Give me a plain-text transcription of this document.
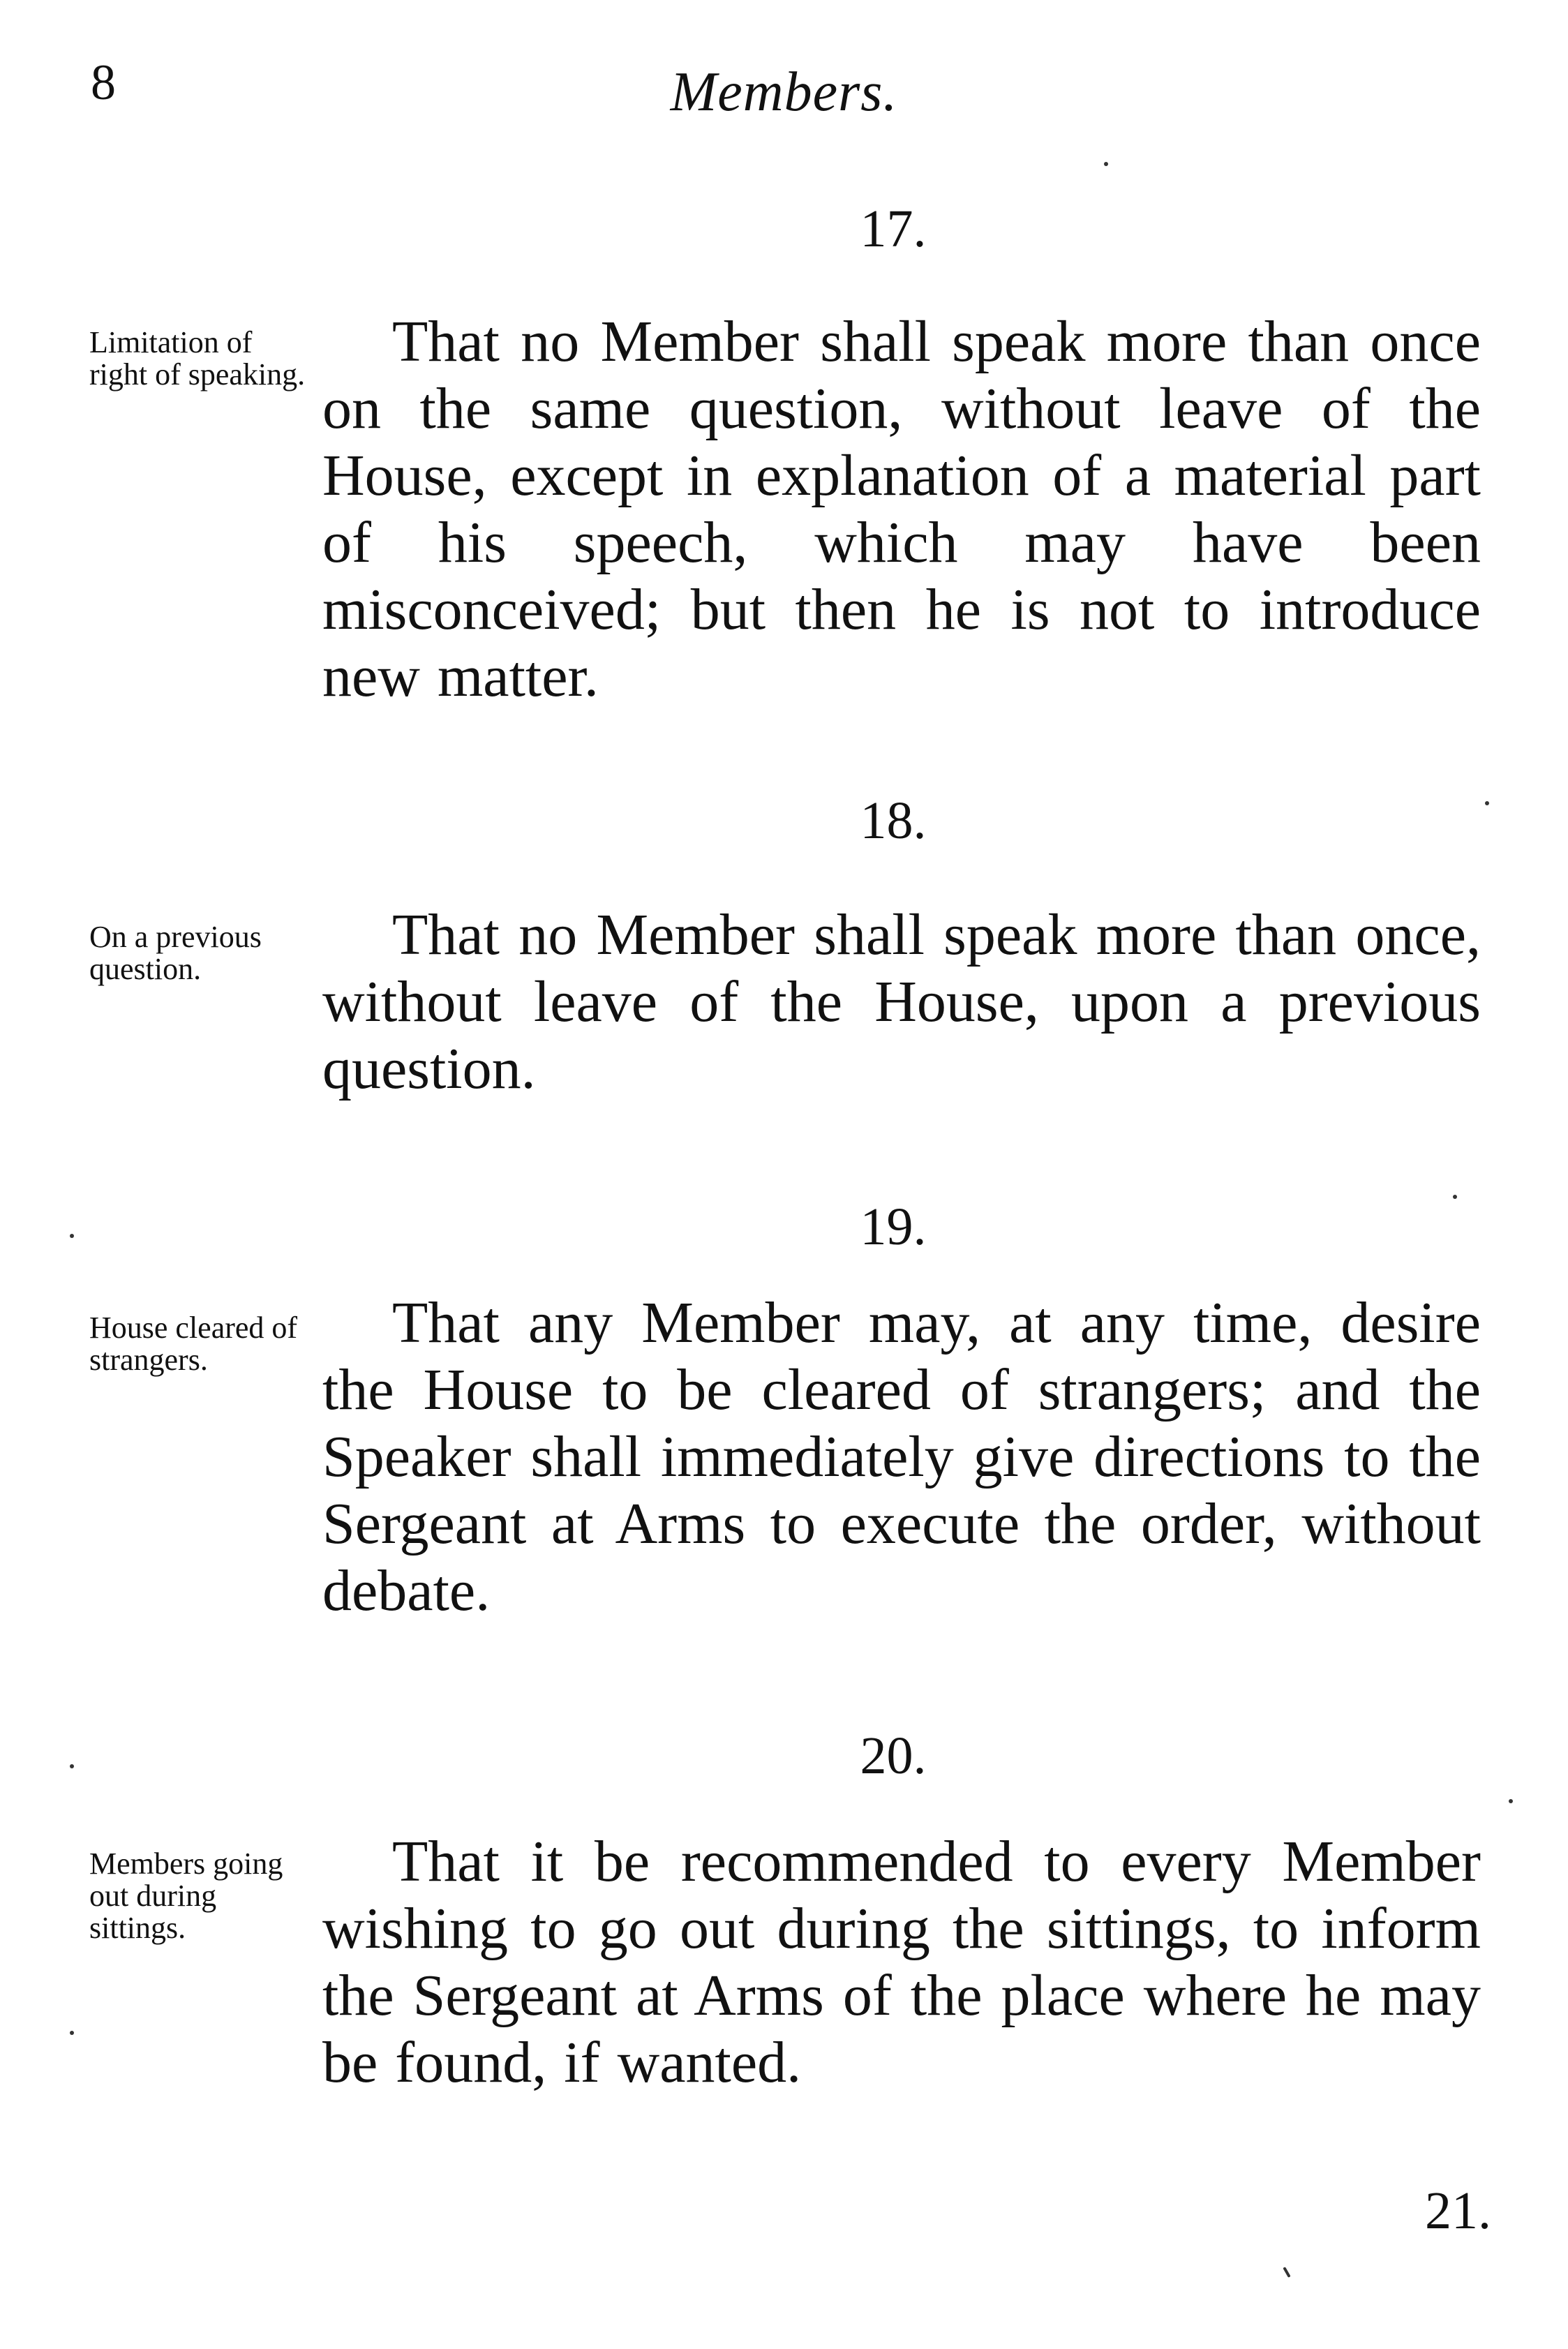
8	Members.
17.
Limitation of right of speaking.
That no Member shall speak more than once on the same question, without leave of the House, except in explanation of a material part of his speech, which may have been misconceived; but then he is not to introduce new matter.
18.
On a previous question.
That no Member shall speak more than once, without leave of the House, upon a previous question.
19.
House cleared of strangers.
That any Member may, at any time, desire the House to be cleared of strangers; and the Speaker shall immediately give directions to the Sergeant at Arms to execute the order, without debate.
20.
Members going out during sittings.
That it be recommended to every Member wishing to go out during the sittings, to inform the Sergeant at Arms of the place where he may be found, if wanted.
21.
